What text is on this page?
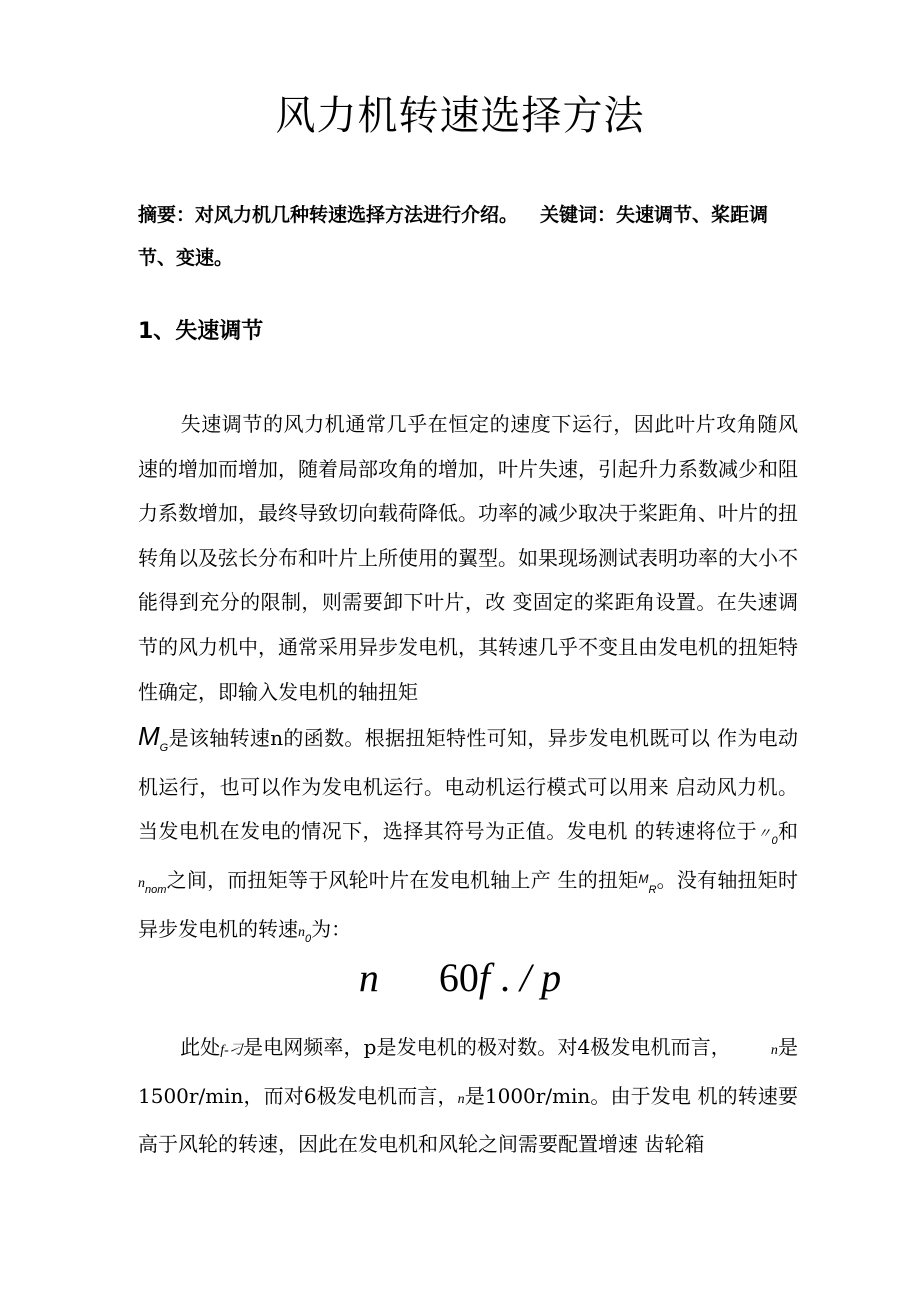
风力机转速选择方法
摘要：对风力机几种转速选择方法进行介绍。 关键词：失速调节、桨距调节、变速。
1、失速调节
失速调节的风力机通常几乎在恒定的速度下运行，因此叶片攻角随风速的增加而增加，随着局部攻角的增加，叶片失速，引起升力系数减少和阻力系数增加，最终导致切向载荷降低。功率的减少取决于桨距角、叶片的扭转角以及弦长分布和叶片上所使用的翼型。如果现场测试表明功率的大小不能得到充分的限制，则需要卸下叶片，改 变固定的桨距角设置。在失速调节的风力机中，通常采用异步发电机，其转速几乎不变且由发电机的扭矩特性确定，即输入发电机的轴扭矩
$M_G$是该轴转速n的函数。根据扭矩特性可知，异步发电机既可以 作为电动机运行，也可以作为发电机运行。电动机运行模式可以用来 启动风力机。当发电机在发电的情况下，选择其符号为正值。发电机 的转速将位于〃$_0$和$n_{nom}$之间，而扭矩等于风轮叶片在发电机轴上产 生的扭矩$^M_R$。没有轴扭矩时异步发电机的转速$n_0$为：
n 60f . / p
此处f-刁是电网频率，p是发电机的极对数。对4极发电机而言，	n是1500r/min，而对6极发电机而言，n是1000r/min。由于发电 机的转速要高于风轮的转速，因此在发电机和风轮之间需要配置增速 齿轮箱
